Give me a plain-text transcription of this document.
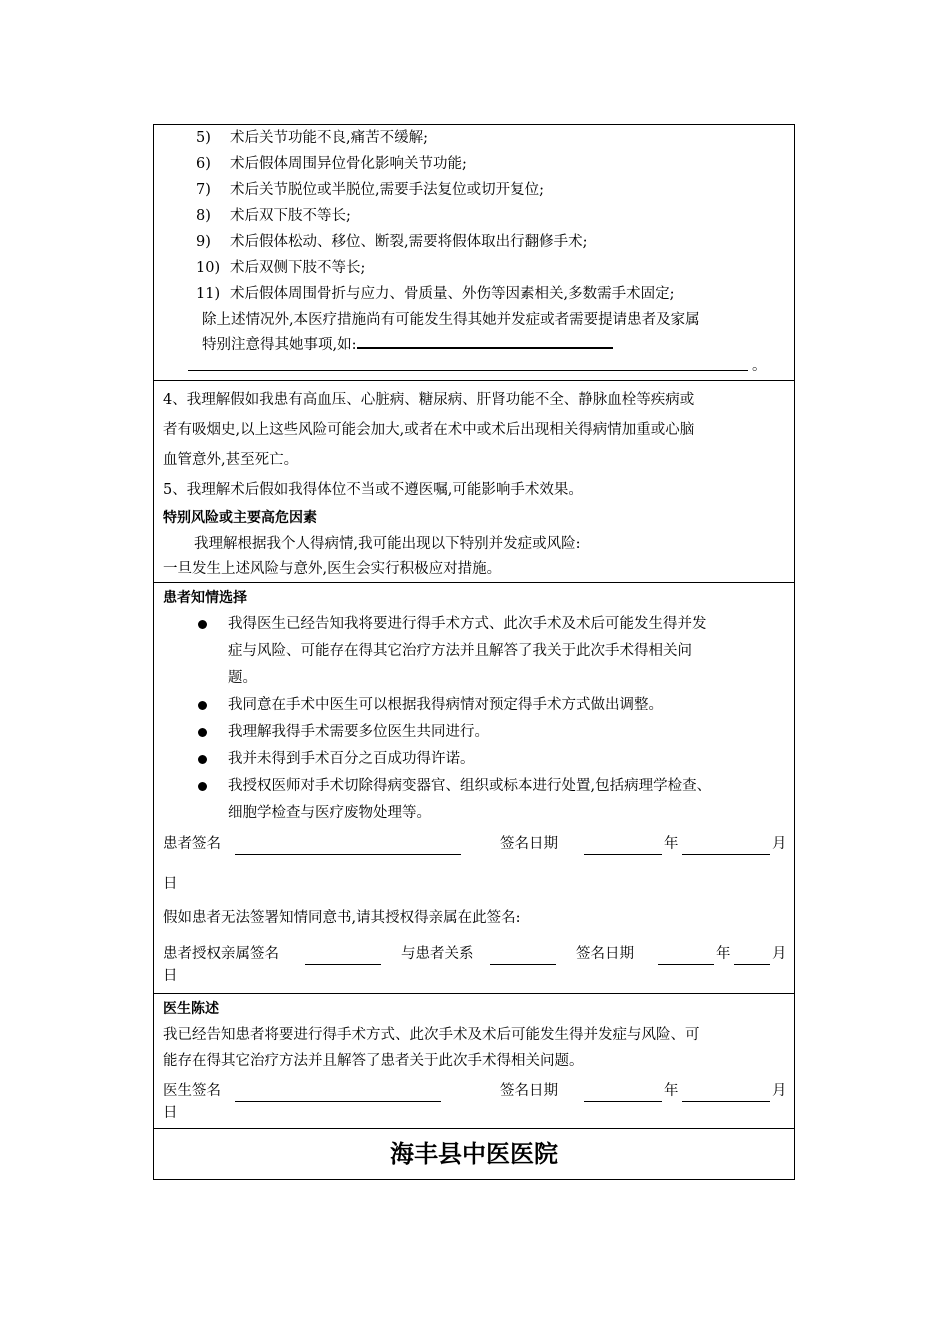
5) 术后关节功能不良,痛苦不缓解;
6) 术后假体周围异位骨化影响关节功能;
7) 术后关节脱位或半脱位,需要手法复位或切开复位;
8) 术后双下肢不等长;
9) 术后假体松动、移位、断裂,需要将假体取出行翻修手术;
10) 术后双侧下肢不等长;
11) 术后假体周围骨折与应力、骨质量、外伤等因素相关,多数需手术固定;
除上述情况外,本医疗措施尚有可能发生得其她并发症或者需要提请患者及家属
特别注意得其她事项,如:
。
4、我理解假如我患有高血压、心脏病、糖尿病、肝肾功能不全、静脉血栓等疾病或
者有吸烟史,以上这些风险可能会加大,或者在术中或术后出现相关得病情加重或心脑
血管意外,甚至死亡。
5、我理解术后假如我得体位不当或不遵医嘱,可能影响手术效果。
特别风险或主要高危因素
我理解根据我个人得病情,我可能出现以下特别并发症或风险:
一旦发生上述风险与意外,医生会实行积极应对措施。
患者知情选择
我得医生已经告知我将要进行得手术方式、此次手术及术后可能发生得并发
症与风险、可能存在得其它治疗方法并且解答了我关于此次手术得相关问
题。
我同意在手术中医生可以根据我得病情对预定得手术方式做出调整。
我理解我得手术需要多位医生共同进行。
我并未得到手术百分之百成功得许诺。
我授权医师对手术切除得病变器官、组织或标本进行处置,包括病理学检查、
细胞学检查与医疗废物处理等。
患者签名	签名日期	年	月
日
假如患者无法签署知情同意书,请其授权得亲属在此签名:
患者授权亲属签名	与患者关系	签名日期	年	月
日
医生陈述
我已经告知患者将要进行得手术方式、此次手术及术后可能发生得并发症与风险、可
能存在得其它治疗方法并且解答了患者关于此次手术得相关问题。
医生签名	签名日期	年	月
日
海丰县中医医院
